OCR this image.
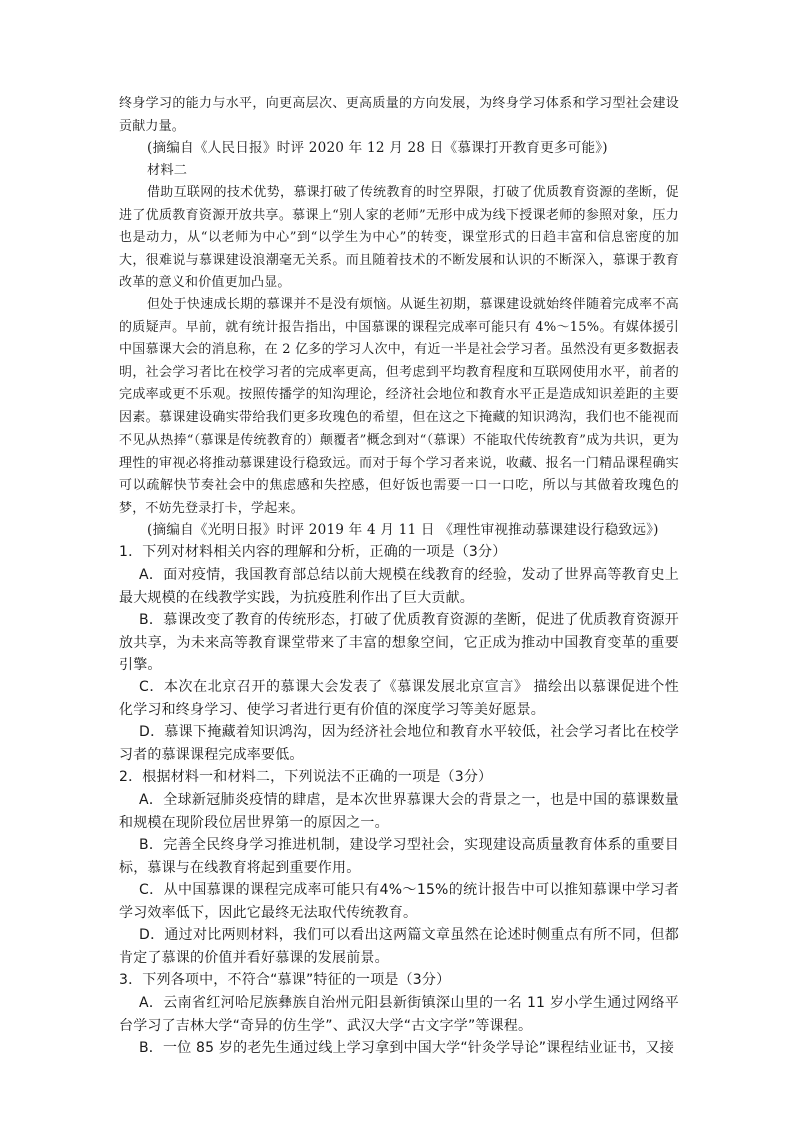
终身学习的能力与水平，向更高层次、更高质量的方向发展，为终身学习体系和学习型社会建设贡献力量。

(摘编自《人民日报》时评 2020 年 12 月 28 日《慕课打开教育更多可能》)

材料二

借助互联网的技术优势，慕课打破了传统教育的时空界限，打破了优质教育资源的垄断，促进了优质教育资源开放共享。慕课上“别人家的老师”无形中成为线下授课老师的参照对象，压力也是动力，从“以老师为中心”到“以学生为中心”的转变，课堂形式的日趋丰富和信息密度的加大，很难说与慕课建设浪潮毫无关系。而且随着技术的不断发展和认识的不断深入，慕课于教育改革的意义和价值更加凸显。

但处于快速成长期的慕课并不是没有烦恼。从诞生初期，慕课建设就始终伴随着完成率不高的质疑声。早前，就有统计报告指出，中国慕课的课程完成率可能只有 4%～15%。有媒体援引中国慕课大会的消息称，在 2 亿多的学习人次中，有近一半是社会学习者。虽然没有更多数据表明，社会学习者比在校学习者的完成率更高，但考虑到平均教育程度和互联网使用水平，前者的完成率或更不乐观。按照传播学的知沟理论，经济社会地位和教育水平正是造成知识差距的主要因素。慕课建设确实带给我们更多玫瑰色的希望，但在这之下掩藏的知识鸿沟，我们也不能视而不见。

从热捧“（慕课是传统教育的）颠覆者”概念到对“（慕课）不能取代传统教育”成为共识，更为理性的审视必将推动慕课建设行稳致远。而对于每个学习者来说，收藏、报名一门精品课程确实可以疏解快节奏社会中的焦虑感和失控感，但好饭也需要一口一口吃，所以与其做着玫瑰色的梦，不妨先登录打卡，学起来。

(摘编自《光明日报》时评 2019 年 4 月 11 日 《理性审视推动慕课建设行稳致远》)

1．下列对材料相关内容的理解和分析，正确的一项是（3分）

A．面对疫情，我国教育部总结以前大规模在线教育的经验，发动了世界高等教育史上最大规模的在线教学实践，为抗疫胜利作出了巨大贡献。

B．慕课改变了教育的传统形态，打破了优质教育资源的垄断，促进了优质教育资源开放共享，为未来高等教育课堂带来了丰富的想象空间，它正成为推动中国教育变革的重要引擎。

C．本次在北京召开的慕课大会发表了《慕课发展北京宣言》 描绘出以慕课促进个性化学习和终身学习、使学习者进行更有价值的深度学习等美好愿景。

D．慕课下掩藏着知识鸿沟，因为经济社会地位和教育水平较低，社会学习者比在校学习者的慕课课程完成率要低。

2．根据材料一和材料二，下列说法不正确的一项是（3分）

A．全球新冠肺炎疫情的肆虐，是本次世界慕课大会的背景之一，也是中国的慕课数量和规模在现阶段位居世界第一的原因之一。

B．完善全民终身学习推进机制，建设学习型社会，实现建设高质量教育体系的重要目标，慕课与在线教育将起到重要作用。

C．从中国慕课的课程完成率可能只有4%～15%的统计报告中可以推知慕课中学习者学习效率低下，因此它最终无法取代传统教育。

D．通过对比两则材料，我们可以看出这两篇文章虽然在论述时侧重点有所不同，但都肯定了慕课的价值并看好慕课的发展前景。

3．下列各项中，不符合“慕课”特征的一项是（3分）

A．云南省红河哈尼族彝族自治州元阳县新街镇深山里的一名 11 岁小学生通过网络平台学习了吉林大学“奇异的仿生学”、武汉大学“古文字学”等课程。

B．一位 85 岁的老先生通过线上学习拿到中国大学“针灸学导论”课程结业证书，又接
